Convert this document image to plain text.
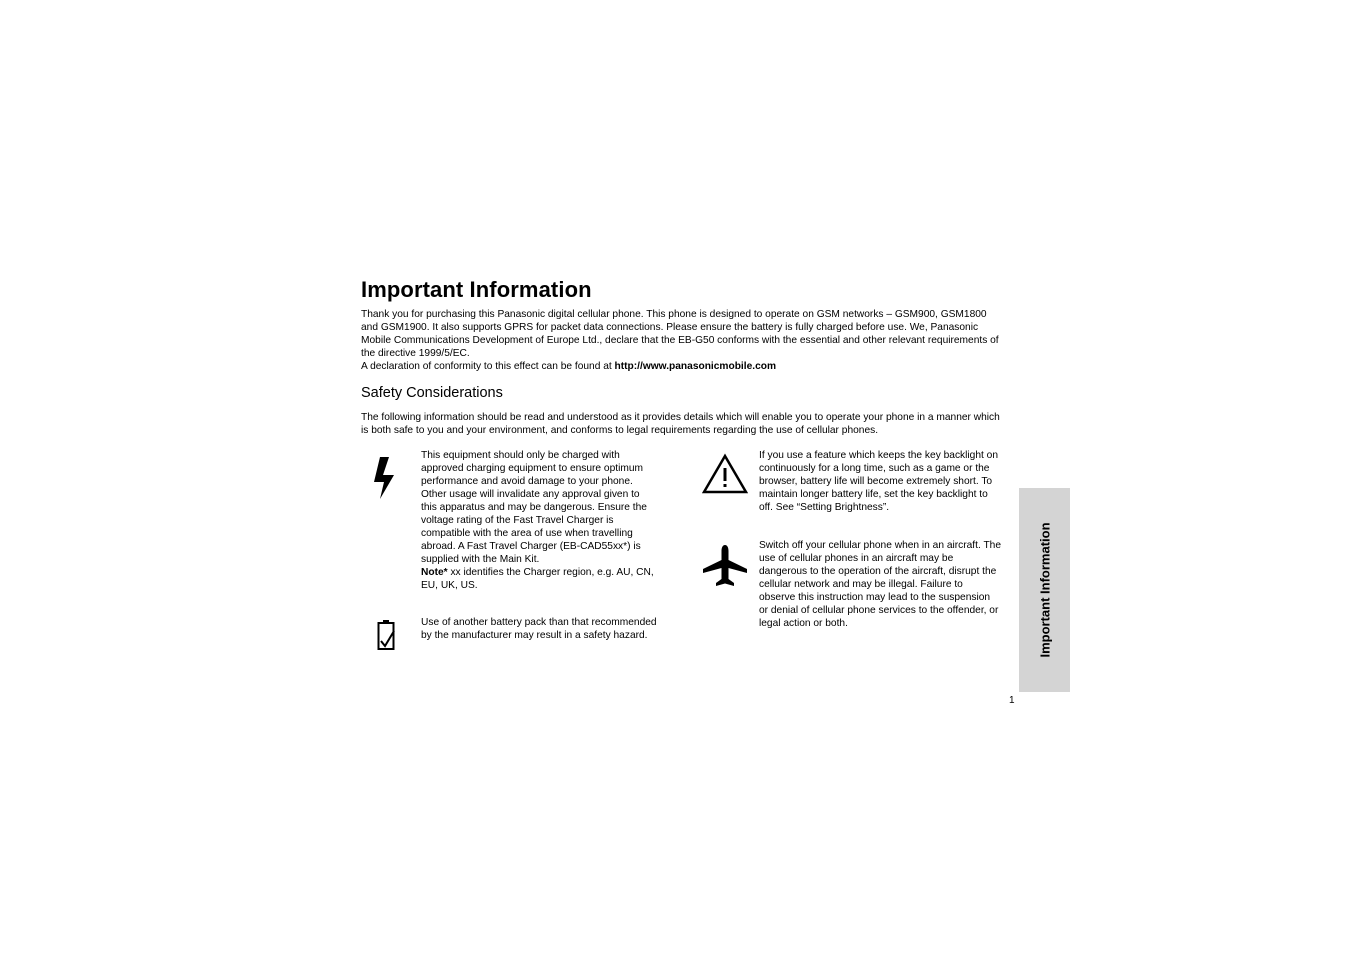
Important Information

Thank you for purchasing this Panasonic digital cellular phone. This phone is designed to operate on GSM networks – GSM900, GSM1800 and GSM1900. It also supports GPRS for packet data connections. Please ensure the battery is fully charged before use. We, Panasonic Mobile Communications Development of Europe Ltd., declare that the EB-G50 conforms with the essential and other relevant requirements of the directive 1999/5/EC.

A declaration of conformity to this effect can be found at http://www.panasonicmobile.com

Safety Considerations

The following information should be read and understood as it provides details which will enable you to operate your phone in a manner which is both safe to you and your environment, and conforms to legal requirements regarding the use of cellular phones.

This equipment should only be charged with approved charging equipment to ensure optimum performance and avoid damage to your phone. Other usage will invalidate any approval given to this apparatus and may be dangerous. Ensure the voltage rating of the Fast Travel Charger is compatible with the area of use when travelling abroad. A Fast Travel Charger (EB-CAD55xx*) is supplied with the Main Kit.

Note* xx identifies the Charger region, e.g. AU, CN, EU, UK, US.

Use of another battery pack than that recommended by the manufacturer may result in a safety hazard.

If you use a feature which keeps the key backlight on continuously for a long time, such as a game or the browser, battery life will become extremely short. To maintain longer battery life, set the key backlight to off. See “Setting Brightness”.

Switch off your cellular phone when in an aircraft. The use of cellular phones in an aircraft may be dangerous to the operation of the aircraft, disrupt the cellular network and may be illegal. Failure to observe this instruction may lead to the suspension or denial of cellular phone services to the offender, or legal action or both.	Important Information
1
